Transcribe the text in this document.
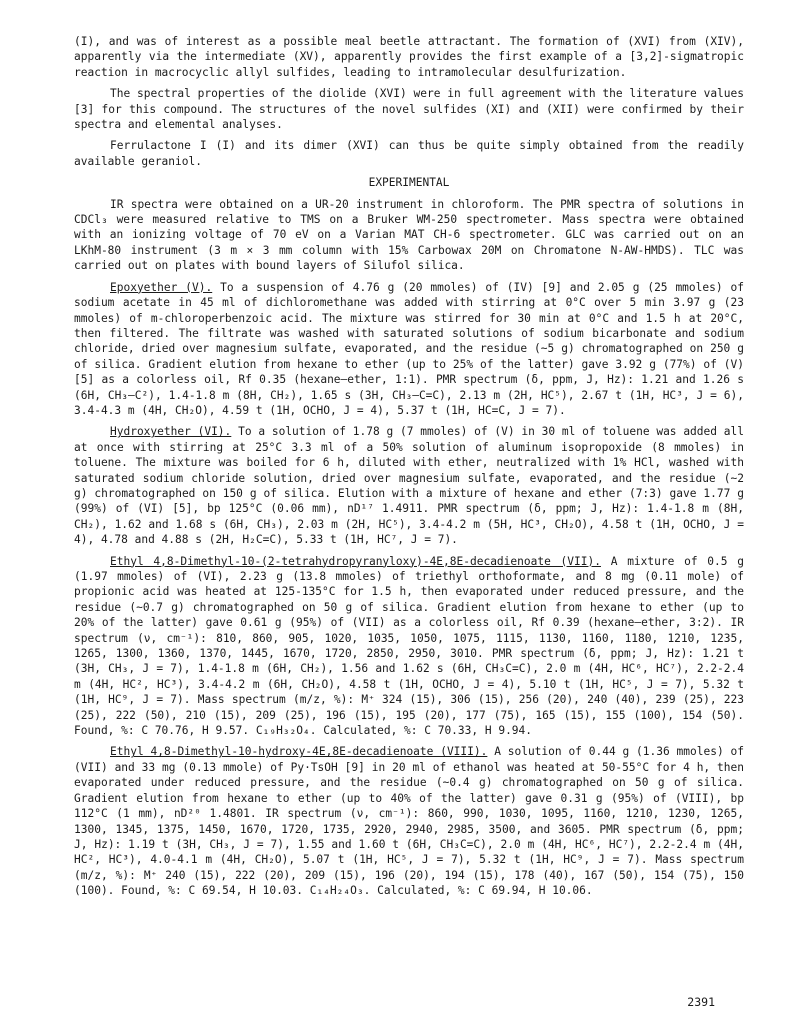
(I), and was of interest as a possible meal beetle attractant. The formation of (XVI) from (XIV), apparently via the intermediate (XV), apparently provides the first example of a [3,2]-sigmatropic reaction in macrocyclic allyl sulfides, leading to intramolecular desulfurization.

The spectral properties of the diolide (XVI) were in full agreement with the literature values [3] for this compound. The structures of the novel sulfides (XI) and (XII) were confirmed by their spectra and elemental analyses.

Ferrulactone I (I) and its dimer (XVI) can thus be quite simply obtained from the readily available geraniol.

EXPERIMENTAL

IR spectra were obtained on a UR-20 instrument in chloroform. The PMR spectra of solutions in CDCl₃ were measured relative to TMS on a Bruker WM-250 spectrometer. Mass spectra were obtained with an ionizing voltage of 70 eV on a Varian MAT CH-6 spectrometer. GLC was carried out on an LKhM-80 instrument (3 m × 3 mm column with 15% Carbowax 20M on Chromatone N-AW-HMDS). TLC was carried out on plates with bound layers of Silufol silica.

Epoxyether (V). To a suspension of 4.76 g (20 mmoles) of (IV) [9] and 2.05 g (25 mmoles) of sodium acetate in 45 ml of dichloromethane was added with stirring at 0°C over 5 min 3.97 g (23 mmoles) of m-chloroperbenzoic acid. The mixture was stirred for 30 min at 0°C and 1.5 h at 20°C, then filtered. The filtrate was washed with saturated solutions of sodium bicarbonate and sodium chloride, dried over magnesium sulfate, evaporated, and the residue (~5 g) chromatographed on 250 g of silica. Gradient elution from hexane to ether (up to 25% of the latter) gave 3.92 g (77%) of (V) [5] as a colorless oil, Rf 0.35 (hexane–ether, 1:1). PMR spectrum (δ, ppm, J, Hz): 1.21 and 1.26 s (6H, CH₃–C²), 1.4-1.8 m (8H, CH₂), 1.65 s (3H, CH₃–C=C), 2.13 m (2H, HC⁵), 2.67 t (1H, HC³, J = 6), 3.4-4.3 m (4H, CH₂O), 4.59 t (1H, OCHO, J = 4), 5.37 t (1H, HC=C, J = 7).

Hydroxyether (VI). To a solution of 1.78 g (7 mmoles) of (V) in 30 ml of toluene was added all at once with stirring at 25°C 3.3 ml of a 50% solution of aluminum isopropoxide (8 mmoles) in toluene. The mixture was boiled for 6 h, diluted with ether, neutralized with 1% HCl, washed with saturated sodium chloride solution, dried over magnesium sulfate, evaporated, and the residue (~2 g) chromatographed on 150 g of silica. Elution with a mixture of hexane and ether (7:3) gave 1.77 g (99%) of (VI) [5], bp 125°C (0.06 mm), nD¹⁷ 1.4911. PMR spectrum (δ, ppm; J, Hz): 1.4-1.8 m (8H, CH₂), 1.62 and 1.68 s (6H, CH₃), 2.03 m (2H, HC⁵), 3.4-4.2 m (5H, HC³, CH₂O), 4.58 t (1H, OCHO, J = 4), 4.78 and 4.88 s (2H, H₂C=C), 5.33 t (1H, HC⁷, J = 7).

Ethyl 4,8-Dimethyl-10-(2-tetrahydropyranyloxy)-4E,8E-decadienoate (VII). A mixture of 0.5 g (1.97 mmoles) of (VI), 2.23 g (13.8 mmoles) of triethyl orthoformate, and 8 mg (0.11 mole) of propionic acid was heated at 125-135°C for 1.5 h, then evaporated under reduced pressure, and the residue (~0.7 g) chromatographed on 50 g of silica. Gradient elution from hexane to ether (up to 20% of the latter) gave 0.61 g (95%) of (VII) as a colorless oil, Rf 0.39 (hexane–ether, 3:2). IR spectrum (ν, cm⁻¹): 810, 860, 905, 1020, 1035, 1050, 1075, 1115, 1130, 1160, 1180, 1210, 1235, 1265, 1300, 1360, 1370, 1445, 1670, 1720, 2850, 2950, 3010. PMR spectrum (δ, ppm; J, Hz): 1.21 t (3H, CH₃, J = 7), 1.4-1.8 m (6H, CH₂), 1.56 and 1.62 s (6H, CH₃C=C), 2.0 m (4H, HC⁶, HC⁷), 2.2-2.4 m (4H, HC², HC³), 3.4-4.2 m (6H, CH₂O), 4.58 t (1H, OCHO, J = 4), 5.10 t (1H, HC⁵, J = 7), 5.32 t (1H, HC⁹, J = 7). Mass spectrum (m/z, %): M⁺ 324 (15), 306 (15), 256 (20), 240 (40), 239 (25), 223 (25), 222 (50), 210 (15), 209 (25), 196 (15), 195 (20), 177 (75), 165 (15), 155 (100), 154 (50). Found, %: C 70.76, H 9.57. C₁₉H₃₂O₄. Calculated, %: C 70.33, H 9.94.

Ethyl 4,8-Dimethyl-10-hydroxy-4E,8E-decadienoate (VIII). A solution of 0.44 g (1.36 mmoles) of (VII) and 33 mg (0.13 mmole) of Py·TsOH [9] in 20 ml of ethanol was heated at 50-55°C for 4 h, then evaporated under reduced pressure, and the residue (~0.4 g) chromatographed on 50 g of silica. Gradient elution from hexane to ether (up to 40% of the latter) gave 0.31 g (95%) of (VIII), bp 112°C (1 mm), nD²⁰ 1.4801. IR spectrum (ν, cm⁻¹): 860, 990, 1030, 1095, 1160, 1210, 1230, 1265, 1300, 1345, 1375, 1450, 1670, 1720, 1735, 2920, 2940, 2985, 3500, and 3605. PMR spectrum (δ, ppm; J, Hz): 1.19 t (3H, CH₃, J = 7), 1.55 and 1.60 t (6H, CH₃C=C), 2.0 m (4H, HC⁶, HC⁷), 2.2-2.4 m (4H, HC², HC³), 4.0-4.1 m (4H, CH₂O), 5.07 t (1H, HC⁵, J = 7), 5.32 t (1H, HC⁹, J = 7). Mass spectrum (m/z, %): M⁺ 240 (15), 222 (20), 209 (15), 196 (20), 194 (15), 178 (40), 167 (50), 154 (75), 150 (100). Found, %: C 69.54, H 10.03. C₁₄H₂₄O₃. Calculated, %: C 69.94, H 10.06.

2391
